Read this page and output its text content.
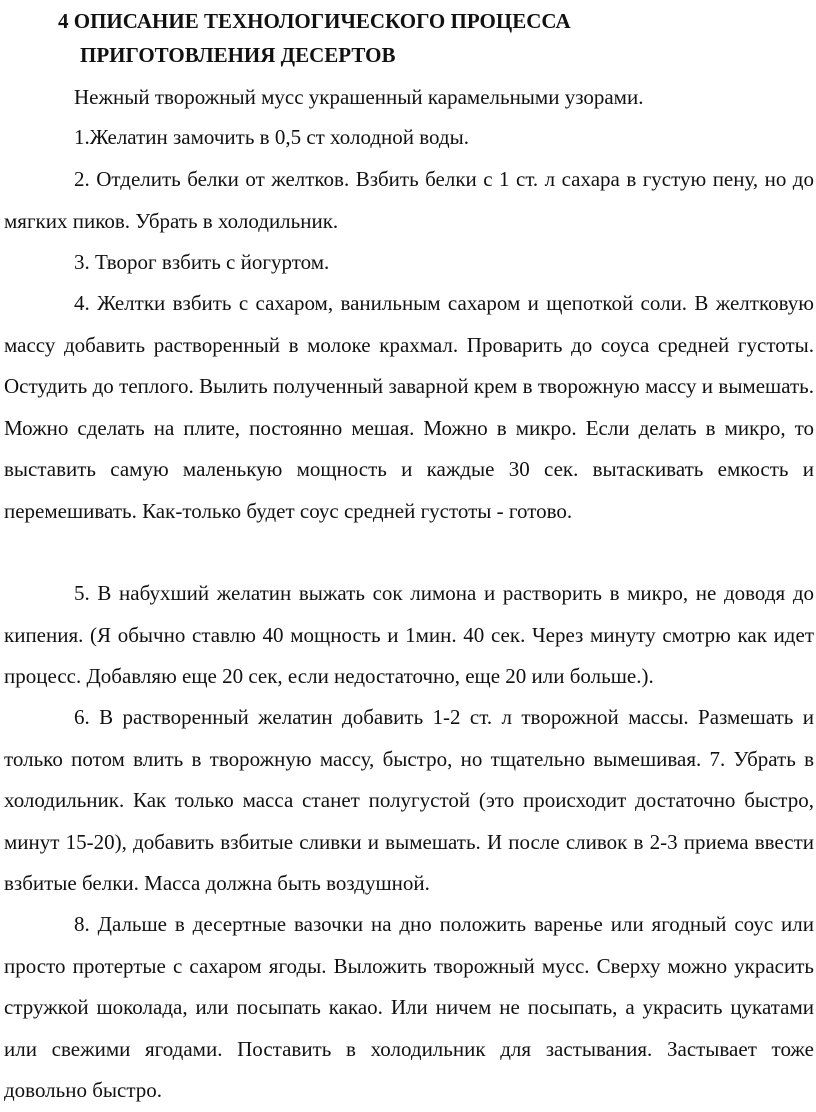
4 ОПИСАНИЕ ТЕХНОЛОГИЧЕСКОГО ПРОЦЕССА
ПРИГОТОВЛЕНИЯ ДЕСЕРТОВ

Нежный творожный мусс украшенный карамельными узорами.

1.Желатин замочить в 0,5 ст холодной воды.

2. Отделить белки от желтков. Взбить белки с 1 ст. л сахара в густую пену, но до мягких пиков. Убрать в холодильник.

3. Творог взбить с йогуртом.

4. Желтки взбить с сахаром, ванильным сахаром и щепоткой соли. В желтковую массу добавить растворенный в молоке крахмал. Проварить до соуса средней густоты. Остудить до теплого. Вылить полученный заварной крем в творожную массу и вымешать. Можно сделать на плите, постоянно мешая. Можно в микро. Если делать в микро, то выставить самую маленькую мощность и каждые 30 сек. вытаскивать емкость и перемешивать. Как-только будет соус средней густоты - готово.

5. В набухший желатин выжать сок лимона и растворить в микро, не доводя до кипения. (Я обычно ставлю 40 мощность и 1мин. 40 сек. Через минуту смотрю как идет процесс. Добавляю еще 20 сек, если недостаточно, еще 20 или больше.).

6. В растворенный желатин добавить 1-2 ст. л творожной массы. Размешать и только потом влить в творожную массу, быстро, но тщательно вымешивая. 7. Убрать в холодильник. Как только масса станет полугустой (это происходит достаточно быстро, минут 15-20), добавить взбитые сливки и вымешать. И после сливок в 2-3 приема ввести взбитые белки. Масса должна быть воздушной.

8. Дальше в десертные вазочки на дно положить варенье или ягодный соус или просто протертые с сахаром ягоды. Выложить творожный мусс. Сверху можно украсить стружкой шоколада, или посыпать какао. Или ничем не посыпать, а украсить цукатами или свежими ягодами. Поставить в холодильник для застывания. Застывает тоже довольно быстро.
